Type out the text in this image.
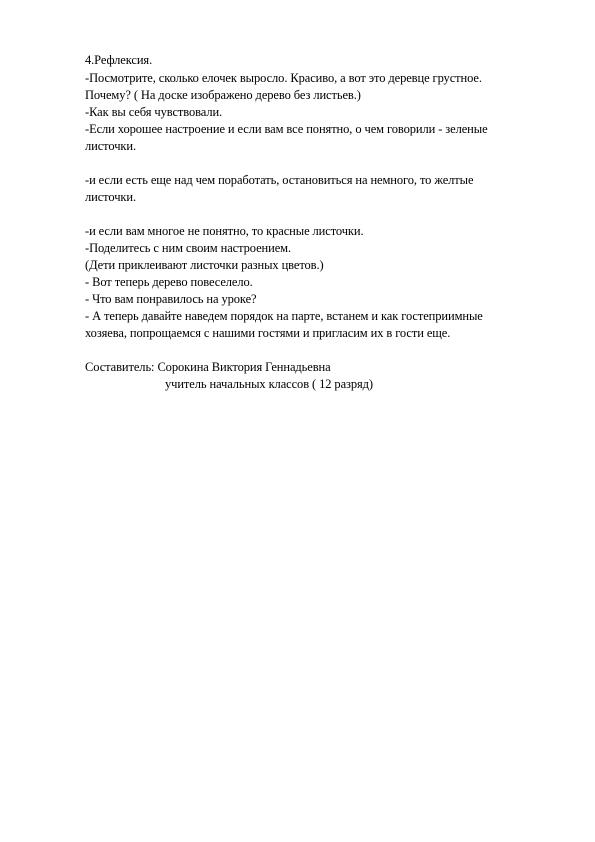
4.Рефлексия.
-Посмотрите, сколько елочек выросло. Красиво, а вот это деревце грустное.
Почему? ( На доске изображено дерево без листьев.)
-Как вы себя чувствовали.
-Если хорошее настроение и если вам все понятно, о чем говорили - зеленые
листочки.
-и если есть еще над чем поработать, остановиться на немного, то желтые
листочки.
-и если вам многое не понятно, то красные листочки.
-Поделитесь с ним своим настроением.
(Дети приклеивают листочки разных цветов.)
- Вот теперь дерево повеселело.
- Что вам понравилось на уроке?
- А теперь давайте наведем порядок на парте, встанем и как гостеприимные
хозяева, попрощаемся с нашими гостями и пригласим их в гости еще.
Составитель: Сорокина Виктория Геннадьевна
учитель начальных классов ( 12 разряд)
